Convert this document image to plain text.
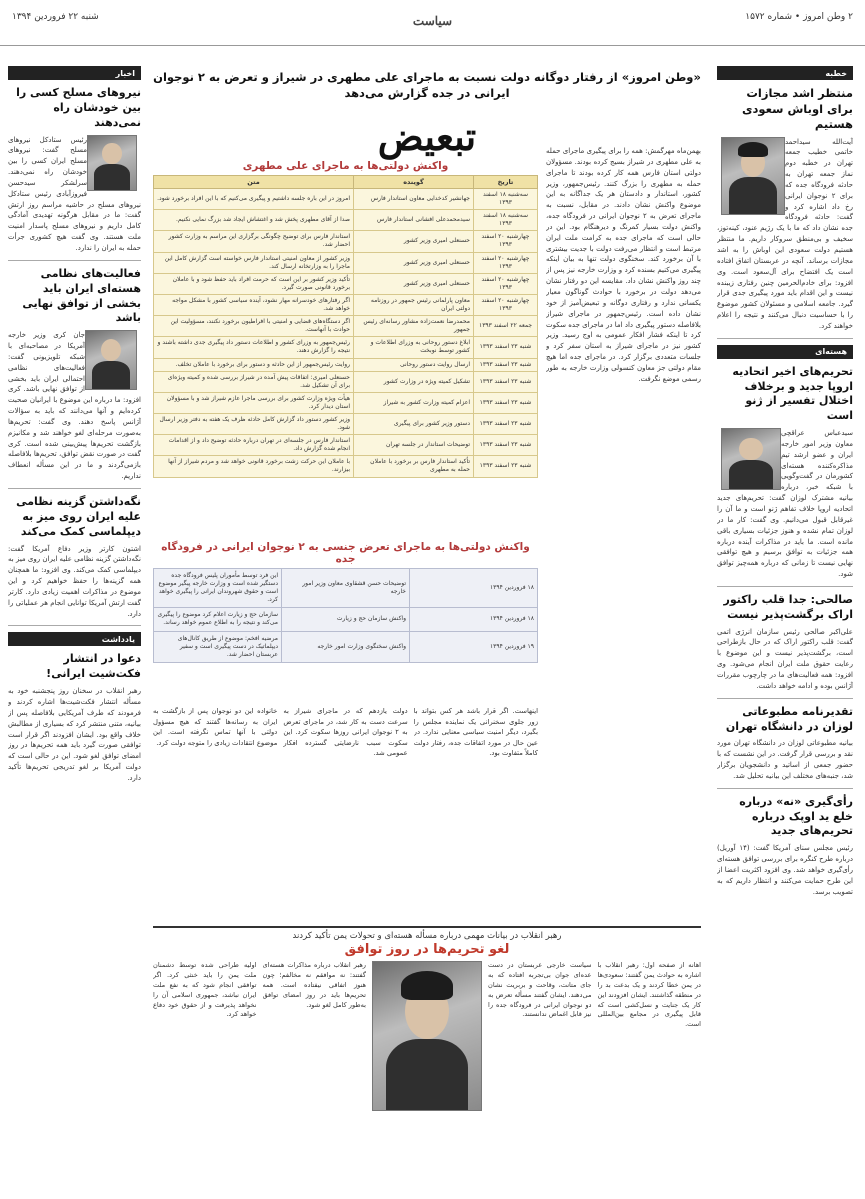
۲ وطن امروز • شماره ۱۵۷۲
سیاست
شنبه ۲۲ فروردین ۱۳۹۴
خطبه
منتظر اشد مجازات برای اوباش سعودی هستیم
آیت‌الله سیداحمد خاتمی خطیب جمعه تهران در خطبه دوم نماز جمعه تهران به حادثه فرودگاه جده که برای ۲ نوجوان ایرانی رخ داد اشاره کرد و گفت: حادثه فرودگاه جده نشان داد که ما با یک رژیم عنود، کینه‌توز، سخیف و بی‌منطق سروکار داریم. ما منتظر هستیم دولت سعودی این اوباش را به اشد مجازات برساند. آنچه در عربستان اتفاق افتاده است یک افتضاح برای آل‌سعود است. وی افزود: برای خادم‌الحرمین چنین رفتاری زیبنده نیست و این اقدام باید مورد پیگیری جدی قرار گیرد. جامعه اسلامی و مسئولان کشور موضوع را با حساسیت دنبال می‌کنند و نتیجه را اعلام خواهند کرد.
هسته‌ای
تحریم‌های اخیر اتحادیه اروپا جدید و برخلاف اختلال تفسیر از ژنو است
سیدعباس عراقچی معاون وزیر امور خارجه ایران و عضو ارشد تیم مذاکره‌کننده هسته‌ای کشورمان در گفت‌وگویی با شبکه خبر، درباره بیانیه مشترک لوزان گفت: تحریم‌های جدید اتحادیه اروپا خلاف تفاهم ژنو است و ما آن را غیرقابل قبول می‌دانیم. وی گفت: کار ما در لوزان تمام نشده و هنوز جزئیات بسیاری باقی مانده است. ما باید در مذاکرات آینده درباره همه جزئیات به توافق برسیم و هیچ توافقی نهایی نیست تا زمانی که درباره همه‌چیز توافق شود.
صالحی: جدا قلب راکتور اراک برگشت‌پذیر نیست
علی‌اکبر صالحی رئیس سازمان انرژی اتمی گفت: قلب راکتور اراک که در حال بازطراحی است، برگشت‌پذیر نیست و این موضوع با رعایت حقوق ملت ایران انجام می‌شود. وی افزود: همه فعالیت‌های ما در چارچوب مقررات آژانس بوده و ادامه خواهد داشت.
تقدیرنامه مطبوعاتی لوزان در دانشگاه تهران
بیانیه مطبوعاتی لوزان در دانشگاه تهران مورد نقد و بررسی قرار گرفت. در این نشست که با حضور جمعی از اساتید و دانشجویان برگزار شد، جنبه‌های مختلف این بیانیه تحلیل شد.
رأی‌گیری «نه» درباره خلع ید اوپک درباره تحریم‌های جدید
رئیس مجلس سنای آمریکا گفت: (۱۴ آوریل) درباره طرح کنگره برای بررسی توافق هسته‌ای رأی‌گیری خواهد شد. وی افزود اکثریت اعضا از این طرح حمایت می‌کنند و انتظار داریم که به تصویب برسد.
اخبار
نیروهای مسلح کسی را بین خودشان راه نمی‌دهند
رئیس ستادکل نیروهای مسلح گفت: نیروهای مسلح ایران کسی را بین خودشان راه نمی‌دهند. سرلشکر سیدحسن فیروزآبادی رئیس ستادکل نیروهای مسلح در حاشیه مراسم روز ارتش گفت: ما در مقابل هرگونه تهدیدی آمادگی کامل داریم و نیروهای مسلح پاسدار امنیت ملت هستند. وی گفت هیچ کشوری جرأت حمله به ایران را ندارد.
فعالیت‌های نظامی هسته‌ای ایران باید بخشی از توافق نهایی باشد
جان کری وزیر خارجه آمریکا در مصاحبه‌ای با شبکه تلویزیونی گفت: فعالیت‌های نظامی احتمالی ایران باید بخشی از توافق نهایی باشد. کری افزود: ما درباره این موضوع با ایرانیان صحبت کرده‌ایم و آنها می‌دانند که باید به سؤالات آژانس پاسخ دهند. وی گفت: تحریم‌ها به‌صورت مرحله‌ای لغو خواهند شد و مکانیزم بازگشت تحریم‌ها پیش‌بینی شده است. کری گفت در صورت نقض توافق، تحریم‌ها بلافاصله بازمی‌گردند و ما در این مسأله انعطاف نداریم.
نگه‌داشتن گزینه نظامی علیه ایران روی میز به دیپلماسی کمک می‌کند
اشتون کارتر وزیر دفاع آمریکا گفت: نگه‌داشتن گزینه نظامی علیه ایران روی میز به دیپلماسی کمک می‌کند. وی افزود: ما همچنان همه گزینه‌ها را حفظ خواهیم کرد و این موضوع در مذاکرات اهمیت زیادی دارد. کارتر گفت ارتش آمریکا توانایی انجام هر عملیاتی را دارد.
یادداشت
دعوا در انتشار فکت‌شیت ایرانی!
رهبر انقلاب در سخنان روز پنجشنبه خود به مسأله انتشار فکت‌شیت‌ها اشاره کردند و فرمودند که طرف آمریکایی بلافاصله پس از بیانیه، متنی منتشر کرد که بسیاری از مطالبش خلاف واقع بود. ایشان افزودند اگر قرار است توافقی صورت گیرد باید همه تحریم‌ها در روز امضای توافق لغو شود. این در حالی است که دولت آمریکا بر لغو تدریجی تحریم‌ها تأکید دارد.
«وطن امروز» از رفتار دوگانه دولت نسبت به ماجرای علی مطهری در شیراز و تعرض به ۲ نوجوان ایرانی در جده گزارش می‌دهد
تبعیض	بهمن‌ماه مهرگمش: همه را برای پیگیری ماجرای حمله به علی مطهری در شیراز بسیج کرده بودند. مسؤولان دولتی استان فارس همه کار کرده بودند تا ماجرای حمله به مطهری را بزرگ کنند. رئیس‌جمهور، وزیر کشور، استاندار و دادستان هر یک جداگانه به این موضوع واکنش نشان دادند. در مقابل، نسبت به ماجرای تعرض به ۲ نوجوان ایرانی در فرودگاه جده، واکنش دولت بسیار کمرنگ و دیرهنگام بود. این در حالی است که ماجرای جده به کرامت ملت ایران مرتبط است و انتظار می‌رفت دولت با جدیت بیشتری با آن برخورد کند. سخنگوی دولت تنها به بیان اینکه پیگیری می‌کنیم بسنده کرد و وزارت خارجه نیز پس از چند روز واکنش نشان داد. مقایسه این دو رفتار نشان می‌دهد دولت در برخورد با حوادث گوناگون معیار یکسانی ندارد و رفتاری دوگانه و تبعیض‌آمیز از خود نشان داده است. رئیس‌جمهور در ماجرای شیراز بلافاصله دستور پیگیری داد اما در ماجرای جده سکوت کرد تا اینکه فشار افکار عمومی به اوج رسید. وزیر کشور نیز در ماجرای شیراز به استان سفر کرد و جلسات متعددی برگزار کرد. در ماجرای جده اما هیچ مقام دولتی جز معاون کنسولی وزارت خارجه به طور رسمی موضع نگرفت.
واکنش دولتی‌ها به ماجرای علی مطهری
تاریخ	گوینده	متن
سه‌شنبه ۱۸ اسفند ۱۳۹۳	جهانشیر کدخدایی معاون استاندار فارس	امروز در این باره جلسه داشتیم و پیگیری می‌کنیم که با این افراد برخورد شود.
سه‌شنبه ۱۸ اسفند ۱۳۹۳	سیدمحمدعلی افشانی استاندار فارس	صدا از آقای مطهری پخش شد و اغتشاش ایجاد شد بزرگ نمایی نکنیم.
چهارشنبه ۲۰ اسفند ۱۳۹۳	حسنعلی امیری وزیر کشور	استاندار فارس برای توضیح چگونگی برگزاری این مراسم به وزارت کشور احضار شد.
چهارشنبه ۲۰ اسفند ۱۳۹۳	حسنعلی امیری وزیر کشور	وزیر کشور از معاون امنیتی استاندار فارس خواسته است گزارش کامل این ماجرا را به وزارتخانه ارسال کند.
چهارشنبه ۲۰ اسفند ۱۳۹۳	حسنعلی امیری وزیر کشور	تأکید وزیر کشور بر این است که حرمت افراد باید حفظ شود و با عاملان برخورد قانونی صورت گیرد.
چهارشنبه ۲۰ اسفند ۱۳۹۳	معاون پارلمانی رئیس جمهور در روزنامه دولتی ایران	اگر رفتارهای خودسرانه مهار نشود، آینده سیاسی کشور با مشکل مواجه خواهد شد.
جمعه ۲۲ اسفند ۱۳۹۳	محمدرضا نعمت‌زاده مشاور رسانه‌ای رئیس جمهور	اگر دستگاه‌های قضایی و امنیتی با افراطیون برخورد نکنند، مسؤولیت این حوادث با آنهاست.
شنبه ۲۳ اسفند ۱۳۹۳	ابلاغ دستور روحانی به وزرای اطلاعات و کشور توسط نوبخت	رئیس‌جمهور به وزرای کشور و اطلاعات دستور داد پیگیری جدی داشته باشند و نتیجه را گزارش دهند.
شنبه ۲۳ اسفند ۱۳۹۳	ارسال روایت دستور روحانی	روایت رئیس‌جمهور از این حادثه و دستور برای برخورد با عاملان تخلف.
شنبه ۲۳ اسفند ۱۳۹۳	تشکیل کمیته ویژه در وزارت کشور	حسنعلی امیری: اتفاقات پیش آمده در شیراز بررسی شده و کمیته ویژه‌ای برای آن تشکیل شد.
شنبه ۲۳ اسفند ۱۳۹۳	اعزام کمیته وزارت کشور به شیراز	هیأت ویژه وزارت کشور برای بررسی ماجرا عازم شیراز شد و با مسؤولان استان دیدار کرد.
شنبه ۲۳ اسفند ۱۳۹۳	دستور وزیر کشور برای پیگیری	وزیر کشور دستور داد گزارش کامل حادثه ظرف یک هفته به دفتر وزیر ارسال شود.
شنبه ۲۳ اسفند ۱۳۹۳	توضیحات استاندار در جلسه تهران	استاندار فارس در جلسه‌ای در تهران درباره حادثه توضیح داد و از اقدامات انجام شده گزارش داد.
شنبه ۲۳ اسفند ۱۳۹۳	تأکید استاندار فارس بر برخورد با عاملان حمله به مطهری	با عاملان این حرکت زشت برخورد قانونی خواهد شد و مردم شیراز از آنها بیزارند.
واکنش دولتی‌ها به ماجرای تعرض جنسی به ۲ نوجوان ایرانی در فرودگاه جده
۱۸ فروردین ۱۳۹۴	توضیحات حسن قشقاوی معاون وزیر امور خارجه	این فرد توسط مأموران پلیس فرودگاه جده دستگیر شده است و وزارت خارجه پیگیر موضوع است و حقوق شهروندان ایرانی را پیگیری خواهد کرد.
۱۸ فروردین ۱۳۹۴	واکنش سازمان حج و زیارت	سازمان حج و زیارت اعلام کرد موضوع را پیگیری می‌کند و نتیجه را به اطلاع عموم خواهد رساند.
۱۹ فروردین ۱۳۹۴	واکنش سخنگوی وزارت امور خارجه	مرضیه افخم: موضوع از طریق کانال‌های دیپلماتیک در دست پیگیری است و سفیر عربستان احضار شد.
اینهاست. اگر قرار باشد هر کس بتواند با زور جلوی سخنرانی یک نماینده مجلس را بگیرد، دیگر امنیت سیاسی معنایی ندارد. در عین حال در مورد اتفاقات جده، رفتار دولت کاملاً متفاوت بود.
دولت یازدهم که در ماجرای شیراز به سرعت دست به کار شد، در ماجرای تعرض به ۲ نوجوان ایرانی روزها سکوت کرد. این سکوت سبب نارضایتی گسترده افکار عمومی شد.
خانواده این دو نوجوان پس از بازگشت به ایران به رسانه‌ها گفتند که هیچ مسؤول دولتی با آنها تماس نگرفته است. این موضوع انتقادات زیادی را متوجه دولت کرد.
رهبر انقلاب در بیانات مهمی درباره مسأله هسته‌ای و تحولات یمن تأکید کردند
لغو تحریم‌ها در روز توافق
اهانه از صفحه اول: رهبر انقلاب با اشاره به حوادث یمن گفتند: سعودی‌ها در یمن خطا کردند و یک بدعت بد را در منطقه گذاشتند. ایشان افزودند این کار یک جنایت و نسل‌کشی است که قابل پیگیری در مجامع بین‌المللی است.
سیاست خارجی عربستان در دست عده‌ای جوان بی‌تجربه افتاده که به جای متانت، وقاحت و بربریت نشان می‌دهند. ایشان گفتند مسأله تعرض به دو نوجوان ایرانی در فرودگاه جده را نیز قابل اغماض ندانستند.
رهبر انقلاب درباره مذاکرات هسته‌ای گفتند: نه موافقم نه مخالفم؛ چون هنوز اتفاقی نیفتاده است. همه تحریم‌ها باید در روز امضای توافق به‌طور کامل لغو شود.
اولیه طراحی شده توسط دشمنان ملت یمن را باید خنثی کرد. اگر توافقی انجام شود که به نفع ملت ایران نباشد، جمهوری اسلامی آن را نخواهد پذیرفت و از حقوق خود دفاع خواهد کرد.
